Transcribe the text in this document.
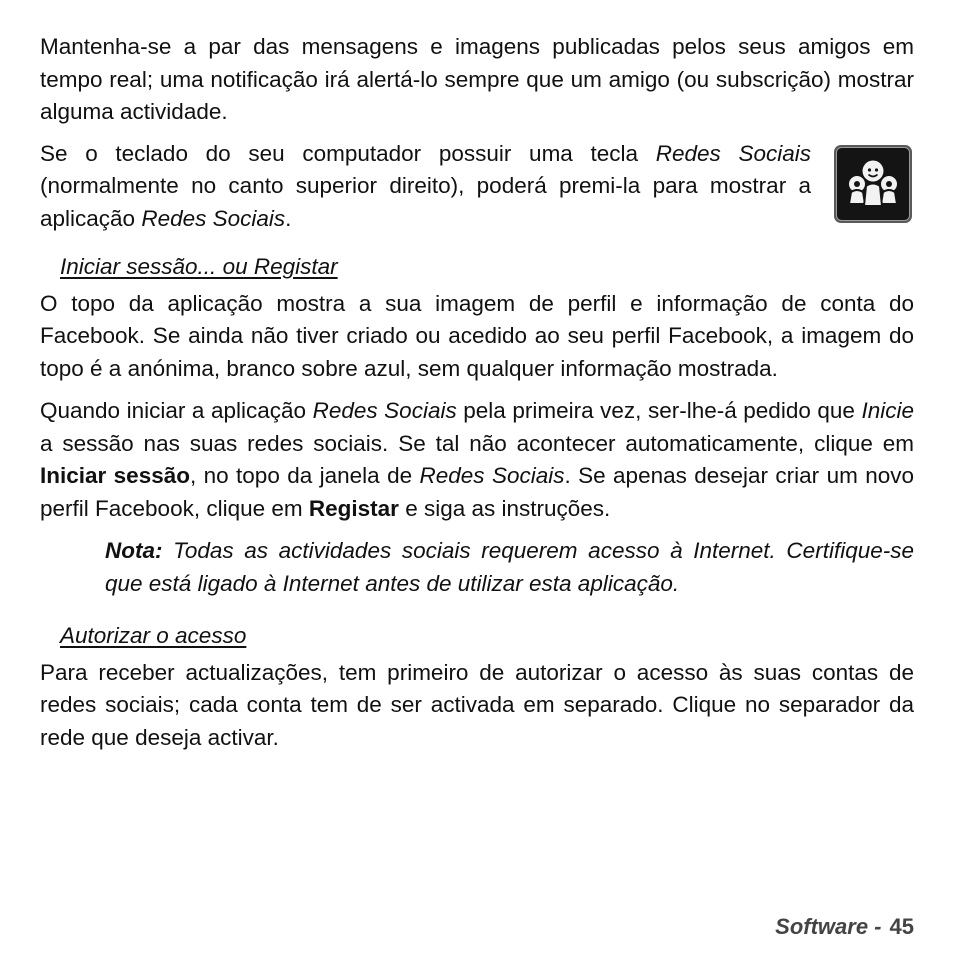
Mantenha-se a par das mensagens e imagens publicadas pelos seus amigos em tempo real; uma notificação irá alertá-lo sempre que um amigo (ou subscrição) mostrar alguma actividade.

Se o teclado do seu computador possuir uma tecla Redes Sociais (normalmente no canto superior direito), poderá premi-la para mostrar a aplicação Redes Sociais.

Iniciar sessão... ou Registar

O topo da aplicação mostra a sua imagem de perfil e informação de conta do Facebook. Se ainda não tiver criado ou acedido ao seu perfil Facebook, a imagem do topo é a anónima, branco sobre azul, sem qualquer informação mostrada.

Quando iniciar a aplicação Redes Sociais pela primeira vez, ser-lhe-á pedido que Inicie a sessão nas suas redes sociais. Se tal não acontecer automaticamente, clique em Iniciar sessão, no topo da janela de Redes Sociais. Se apenas desejar criar um novo perfil Facebook, clique em Registar e siga as instruções.

Nota: Todas as actividades sociais requerem acesso à Internet. Certifique-se que está ligado à Internet antes de utilizar esta aplicação.
Autorizar o acesso

Para receber actualizações, tem primeiro de autorizar o acesso às suas contas de redes sociais; cada conta tem de ser activada em separado. Clique no separador da rede que deseja activar.

Software - 45
